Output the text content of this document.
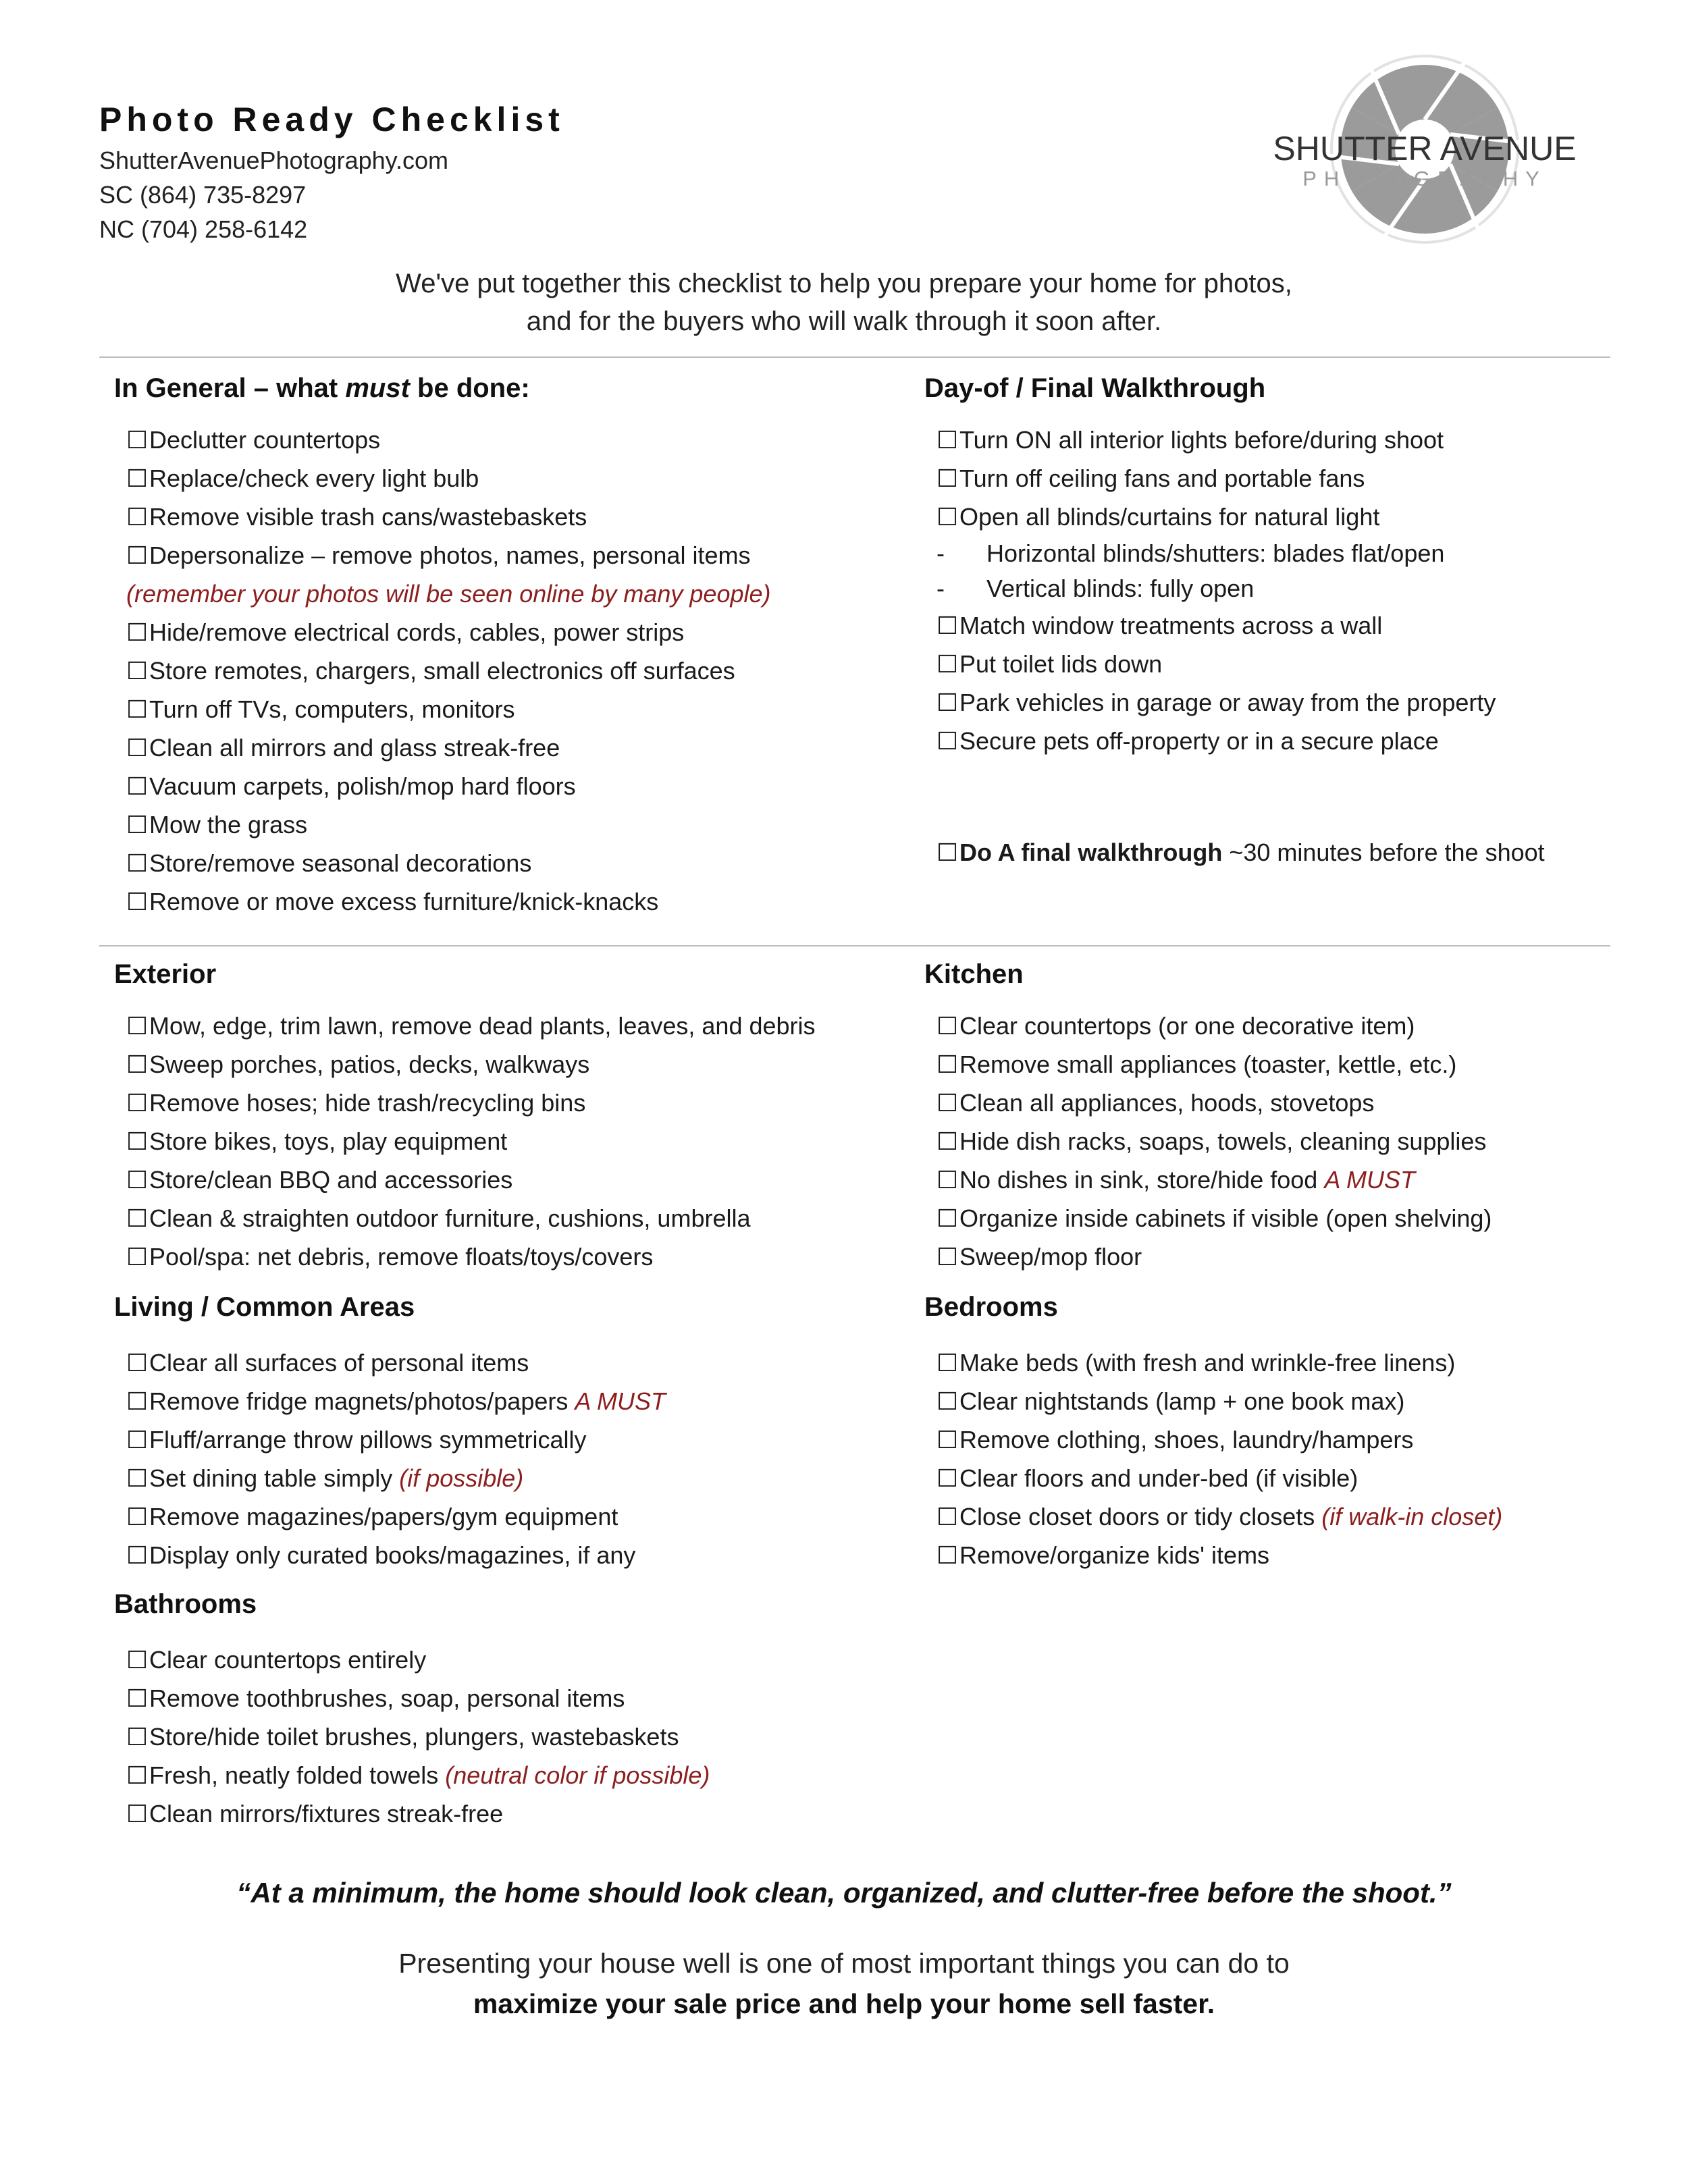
Photo Ready Checklist
ShutterAvenuePhotography.com
SC (864) 735-8297
NC (704) 258-6142
SHUTTER AVENUE
PHOTOGRAPHY
We've put together this checklist to help you prepare your home for photos,
and for the buyers who will walk through it soon after.
In General – what must be done:
☐Declutter countertops
☐Replace/check every light bulb
☐Remove visible trash cans/wastebaskets
☐Depersonalize – remove photos, names, personal items
(remember your photos will be seen online by many people)
☐Hide/remove electrical cords, cables, power strips
☐Store remotes, chargers, small electronics off surfaces
☐Turn off TVs, computers, monitors
☐Clean all mirrors and glass streak-free
☐Vacuum carpets, polish/mop hard floors
☐Mow the grass
☐Store/remove seasonal decorations
☐Remove or move excess furniture/knick-knacks
Day-of / Final Walkthrough
☐Turn ON all interior lights before/during shoot
☐Turn off ceiling fans and portable fans
☐Open all blinds/curtains for natural light
- Horizontal blinds/shutters: blades flat/open
- Vertical blinds: fully open
☐Match window treatments across a wall
☐Put toilet lids down
☐Park vehicles in garage or away from the property
☐Secure pets off-property or in a secure place
☐Do A final walkthrough ~30 minutes before the shoot
Exterior
☐Mow, edge, trim lawn, remove dead plants, leaves, and debris
☐Sweep porches, patios, decks, walkways
☐Remove hoses; hide trash/recycling bins
☐Store bikes, toys, play equipment
☐Store/clean BBQ and accessories
☐Clean & straighten outdoor furniture, cushions, umbrella
☐Pool/spa: net debris, remove floats/toys/covers
Kitchen
☐Clear countertops (or one decorative item)
☐Remove small appliances (toaster, kettle, etc.)
☐Clean all appliances, hoods, stovetops
☐Hide dish racks, soaps, towels, cleaning supplies
☐No dishes in sink, store/hide food A MUST
☐Organize inside cabinets if visible (open shelving)
☐Sweep/mop floor
Living / Common Areas
☐Clear all surfaces of personal items
☐Remove fridge magnets/photos/papers A MUST
☐Fluff/arrange throw pillows symmetrically
☐Set dining table simply (if possible)
☐Remove magazines/papers/gym equipment
☐Display only curated books/magazines, if any
Bedrooms
☐Make beds (with fresh and wrinkle-free linens)
☐Clear nightstands (lamp + one book max)
☐Remove clothing, shoes, laundry/hampers
☐Clear floors and under-bed (if visible)
☐Close closet doors or tidy closets (if walk-in closet)
☐Remove/organize kids' items
Bathrooms
☐Clear countertops entirely
☐Remove toothbrushes, soap, personal items
☐Store/hide toilet brushes, plungers, wastebaskets
☐Fresh, neatly folded towels (neutral color if possible)
☐Clean mirrors/fixtures streak-free
“At a minimum, the home should look clean, organized, and clutter-free before the shoot.”
Presenting your house well is one of most important things you can do to
maximize your sale price and help your home sell faster.
